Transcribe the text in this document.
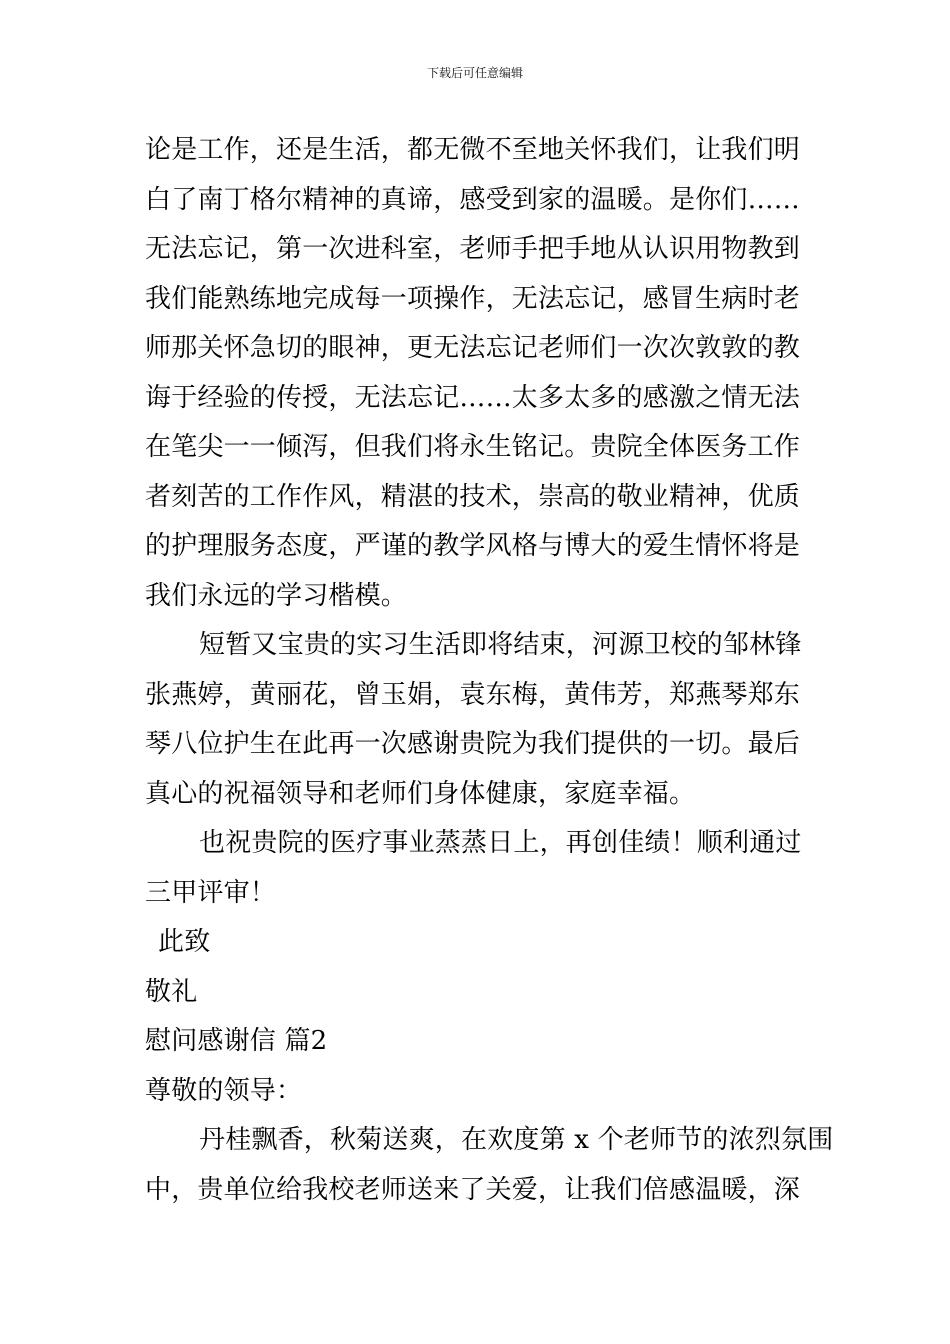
下载后可任意编辑

论是工作，还是生活，都无微不至地关怀我们，让我们明
白了南丁格尔精神的真谛，感受到家的温暖。是你们……
无法忘记，第一次进科室，老师手把手地从认识用物教到
我们能熟练地完成每一项操作，无法忘记，感冒生病时老
师那关怀急切的眼神，更无法忘记老师们一次次敦敦的教
诲于经验的传授，无法忘记……太多太多的感激之情无法
在笔尖一一倾泻，但我们将永生铭记。贵院全体医务工作
者刻苦的工作作风，精湛的技术，崇高的敬业精神，优质
的护理服务态度，严谨的教学风格与博大的爱生情怀将是
我们永远的学习楷模。

短暂又宝贵的实习生活即将结束，河源卫校的邹林锋
张燕婷，黄丽花，曾玉娟，袁东梅，黄伟芳，郑燕琴郑东
琴八位护生在此再一次感谢贵院为我们提供的一切。最后
真心的祝福领导和老师们身体健康，家庭幸福。

也祝贵院的医疗事业蒸蒸日上，再创佳绩！顺利通过
三甲评审！

此致

敬礼

慰问感谢信 篇2

尊敬的领导：

丹桂飘香，秋菊送爽，在欢度第 x 个老师节的浓烈氛围
中，贵单位给我校老师送来了关爱，让我们倍感温暖，深
